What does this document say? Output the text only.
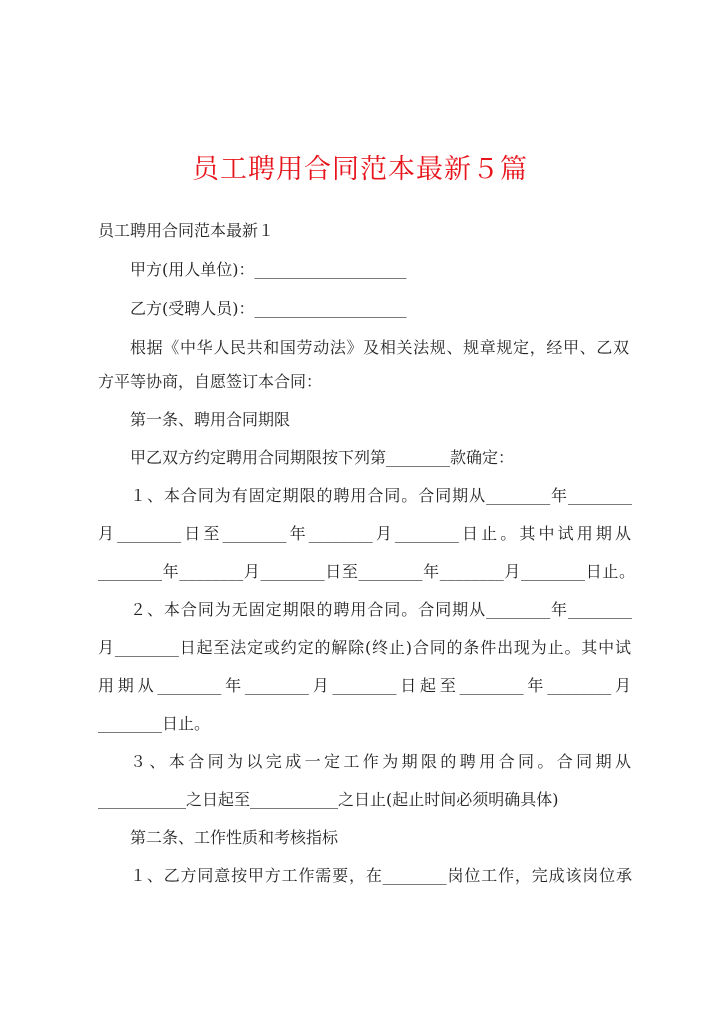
员工聘用合同范本最新５篇
员工聘用合同范本最新１
甲方(用人单位)：___________________
乙方(受聘人员)：___________________
根据《中华人民共和国劳动法》及相关法规、规章规定，经甲、乙双
方平等协商，自愿签订本合同：
第一条、聘用合同期限
甲乙双方约定聘用合同期限按下列第________款确定：
１、本合同为有固定期限的聘用合同。合同期从________年________
月________日至________年________月________日止。其中试用期从
________年________月________日至________年________月________日止。
２、本合同为无固定期限的聘用合同。合同期从________年________
月________日起至法定或约定的解除(终止)合同的条件出现为止。其中试
用期从________年________月________日起至________年________月
________日止。
３、本合同为以完成一定工作为期限的聘用合同。合同期从
___________之日起至___________之日止(起止时间必须明确具体)
第二条、工作性质和考核指标
１、乙方同意按甲方工作需要，在________岗位工作，完成该岗位承
